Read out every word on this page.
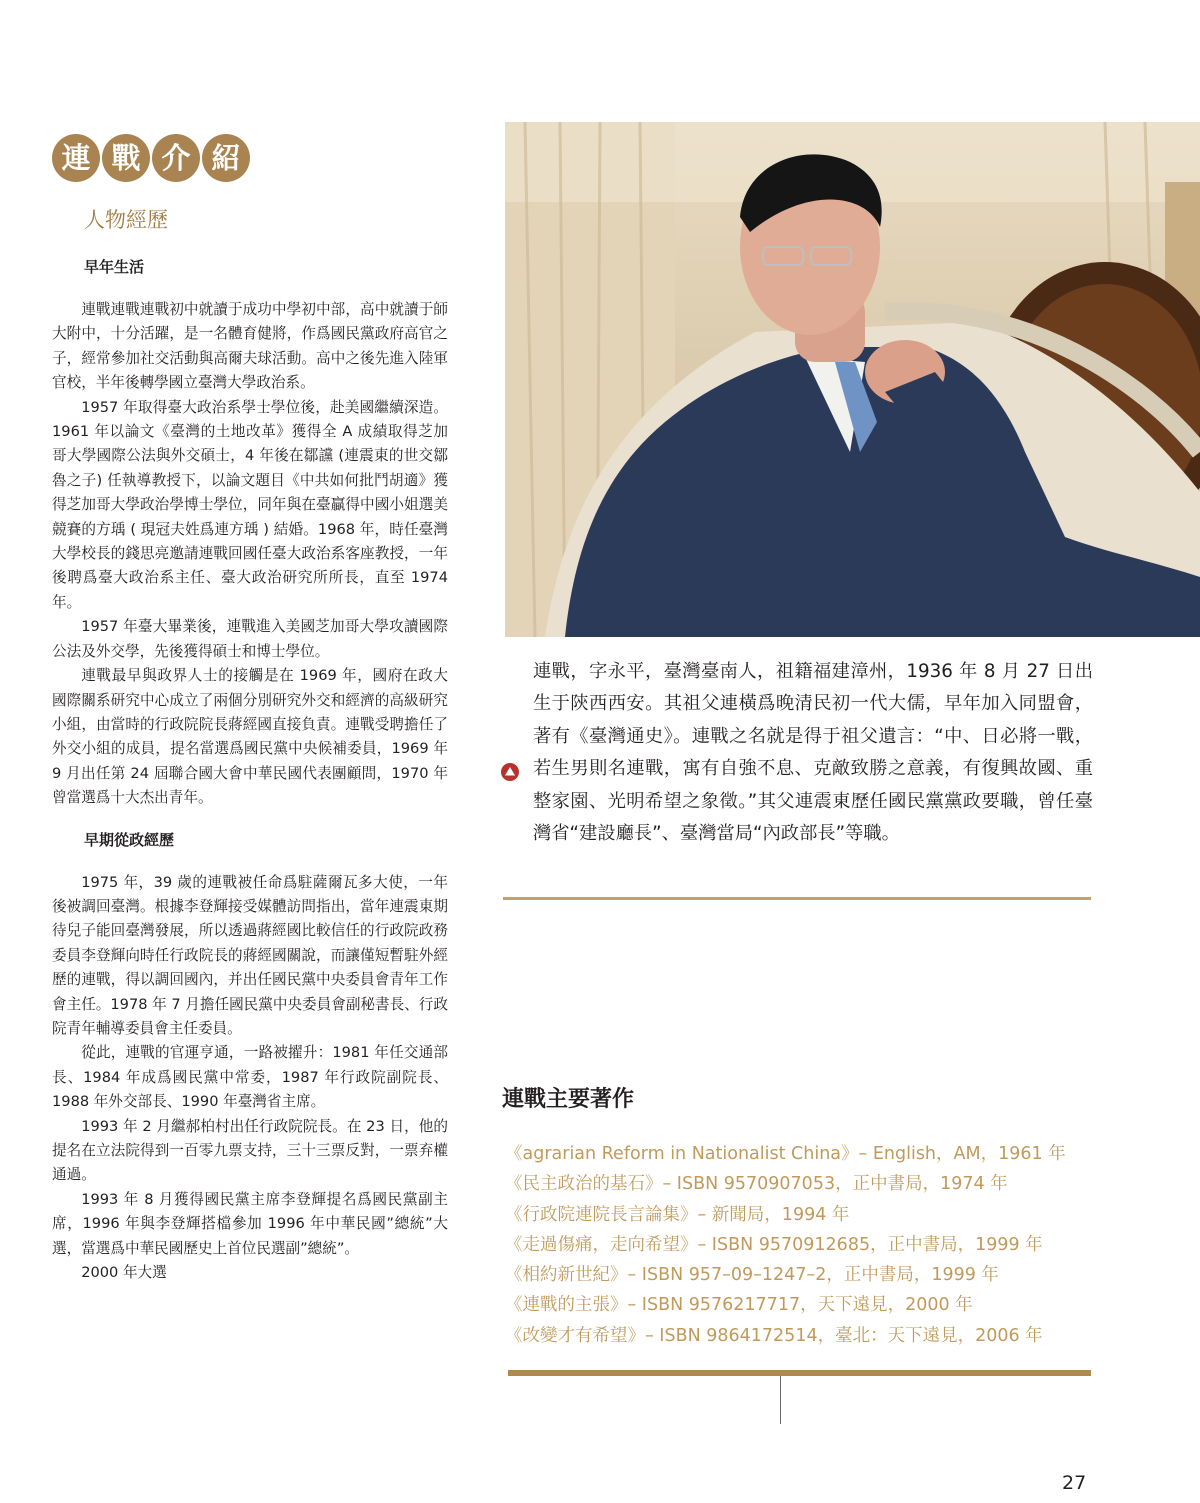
連 戰 介 紹
人物經歷
早年生活

連戰連戰連戰初中就讀于成功中學初中部，高中就讀于師大附中，十分活躍，是一名體育健將，作爲國民黨政府高官之子，經常參加社交活動與高爾夫球活動。高中之後先進入陸軍官校，半年後轉學國立臺灣大學政治系。

1957 年取得臺大政治系學士學位後，赴美國繼續深造。1961 年以論文《臺灣的土地改革》獲得全 A 成績取得芝加哥大學國際公法與外交碩士，4 年後在鄒讜 (連震東的世交鄒魯之子) 任執導教授下，以論文題目《中共如何批鬥胡適》獲得芝加哥大學政治學博士學位，同年與在臺贏得中國小姐選美競賽的方瑀 ( 現冠夫姓爲連方瑀 ) 結婚。1968 年，時任臺灣大學校長的錢思亮邀請連戰回國任臺大政治系客座教授，一年後聘爲臺大政治系主任、臺大政治研究所所長，直至 1974 年。

1957 年臺大畢業後，連戰進入美國芝加哥大學攻讀國際公法及外交學，先後獲得碩士和博士學位。

連戰最早與政界人士的接觸是在 1969 年，國府在政大國際關系研究中心成立了兩個分別研究外交和經濟的高級研究小組，由當時的行政院院長蔣經國直接負責。連戰受聘擔任了外交小組的成員，提名當選爲國民黨中央候補委員，1969 年 9 月出任第 24 屆聯合國大會中華民國代表團顧問，1970 年曾當選爲十大杰出青年。

早期從政經歷

1975 年，39 歲的連戰被任命爲駐薩爾瓦多大使，一年後被調回臺灣。根據李登輝接受媒體訪問指出，當年連震東期待兒子能回臺灣發展，所以透過蔣經國比較信任的行政院政務委員李登輝向時任行政院長的蔣經國關說，而讓僅短暫駐外經歷的連戰，得以調回國內，并出任國民黨中央委員會青年工作會主任。1978 年 7 月擔任國民黨中央委員會副秘書長、行政院青年輔導委員會主任委員。

從此，連戰的官運亨通，一路被擢升：1981 年任交通部長、1984 年成爲國民黨中常委，1987 年行政院副院長、1988 年外交部長、1990 年臺灣省主席。

1993 年 2 月繼郝柏村出任行政院院長。在 23 日，他的提名在立法院得到一百零九票支持，三十三票反對，一票弃權通過。

1993 年 8 月獲得國民黨主席李登輝提名爲國民黨副主席，1996 年與李登輝搭檔參加 1996 年中華民國”總統”大選，當選爲中華民國歷史上首位民選副”總統”。

2000 年大選

連戰，字永平，臺灣臺南人，祖籍福建漳州，1936 年 8 月 27 日出生于陝西西安。其祖父連橫爲晚清民初一代大儒，早年加入同盟會，著有《臺灣通史》。連戰之名就是得于祖父遺言：“中、日必將一戰，若生男則名連戰，寓有自強不息、克敵致勝之意義，有復興故國、重整家園、光明希望之象徵。”其父連震東歷任國民黨黨政要職，曾任臺灣省“建設廳長”、臺灣當局“內政部長”等職。

連戰主要著作
《agrarian Reform in Nationalist China》– English，AM，1961 年
《民主政治的基石》– ISBN 9570907053，正中書局，1974 年
《行政院連院長言論集》– 新聞局，1994 年
《走過傷痛，走向希望》– ISBN 9570912685，正中書局，1999 年
《相約新世紀》– ISBN 957–09–1247–2，正中書局，1999 年
《連戰的主張》– ISBN 9576217717，天下遠見，2000 年
《改變才有希望》– ISBN 9864172514，臺北：天下遠見，2006 年
27
